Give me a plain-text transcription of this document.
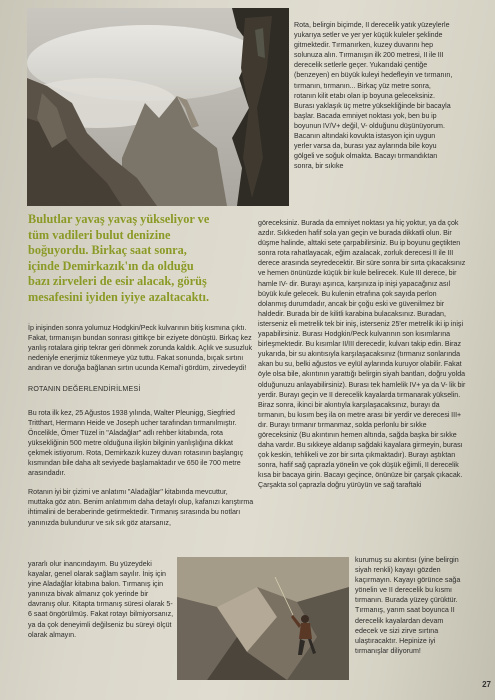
Bulutlar yavaş yavaş yükseliyor ve

tüm vadileri bulut denizine

boğuyordu. Birkaç saat sonra,

içinde Demirkazık'ın da olduğu

bazı zirveleri de esir alacak, görüş

mesafesini iyiden iyiye azaltacaktı.

İp inişinden sonra yolumuz Hodgkin/Peck kulvarının bitiş kısmına çıktı. Fakat, tırmanışın bundan sonrası gittikçe bir eziyete dönüştü. Birkaç kez yanlış rotalara girip tekrar geri dönmek zorunda kaldık. Açlık ve susuzluk nedeniyle enerjimiz tükenmeye yüz tuttu. Fakat sonunda, bıçak sırtını andıran ve doruğa bağlanan sırtın ucunda Kemal'i gördüm, zirvedeydi!

ROTANIN DEĞERLENDİRİLMESİ

Bu rota ilk kez, 25 Ağustos 1938 yılında, Walter Pleunigg, Siegfried Tritthart, Hermann Heide ve Joseph ucher tarafından tırmanılmıştır. Öncelikle, Ömer Tüzel in "Aladağlar" adlı rehber kitabında, rota yüksekliğinin 500 metre olduğuna ilişkin bilginin yanlışlığına dikkat çekmek istiyorum. Rota, Demirkazık kuzey duvarı rotasının başlangıç kısmından bile daha alt seviyede başlamaktadır ve 650 ile 700 metre arasındadır.

Rotanın iyi bir çizimi ve anlatımı "Aladağlar" kitabında mevcuttur, muttaka göz atın. Benim anlatımım daha detaylı olup, kafanızı karıştırma ihtimalini de beraberinde getirmektedir. Tırmanış sırasında bu notları yanınızda bulundurur ve sık sık göz atarsanız,

yararlı olur inancındayım. Bu yüzeydeki kayalar, genel olarak sağlam sayılır. İniş için yine Aladağlar kitabına bakın. Tırmanış için yanınıza bivak almanız çok yerinde bir davranış olur. Kitapta tırmanış süresi olarak 5-6 saat öngörülmüş. Fakat rotayı bilmiyorsanız, ya da çok deneyimli değilseniz bu süreyi ölçüt olarak almayın.

Rota, belirgin biçimde, II derecelik yatık yüzeylerle yukarıya setler ve yer yer küçük kuleler şeklinde gitmektedir. Tırmanırken, kuzey duvarını hep solunuza alın. Tırmanışın ilk 200 metresi, II ile III derecelik setlerle geçer. Yukarıdaki çentiğe (benzeyen) en büyük kuleyi hedefleyin ve tırmanın, tırmanın, tırmanın... Birkaç yüz metre sonra, rotanın kilit etabı olan ip boyuna geleceksiniz. Burası yaklaşık üç metre yüksekliğinde bir bacayla başlar. Bacada emniyet noktası yok, ben bu ip boyunun IV/V+ değil, V- olduğunu düşünüyorum. Bacanın altındaki kovukta istasyon için uygun yerler varsa da, burası yaz aylarında bile koyu gölgeli ve soğuk olmakta. Bacayı tırmandıktan sonra, bir sıkıke

göreceksiniz. Burada da emniyet noktası ya hiç yoktur, ya da çok azdır. Sıkkeden hafif sola yan geçin ve burada dikkatli olun. Bir düşme halinde, alttaki sete çarpabilirsiniz. Bu ip boyunu geçtikten sonra rota rahatlayacak, eğim azalacak, zorluk derecesi II ile III derece arasında seyredecektir. Bir süre sonra bir sırta çıkacaksınız ve hemen önünüzde küçük bir kule belirecek. Kule III derece, bir hamle IV- dir. Burayı aşırıca, karşınıza ip inişi yapacağınız asıl büyük kule gelecek. Bu kulenin etrafına çok sayıda perlon dolanmış durumdadır, ancak bir çoğu eski ve güvenilmez bir haldedir. Burada bir de kilitli karabina bulacaksınız. Buradan, isterseniz eli metrelik tek bir iniş, isterseniz 25'er metrelik iki ip inişi yapabilirsiniz. Burası Hodgkin/Peck kulvarının son kısımlarına birleşmektedir. Bu kısımlar II/III derecedir, kulvarı takip edin. Biraz yukarıda, bir su akıntısıyla karşılaşacaksınız (tırmanız sonlarında akan bu su, belki ağustos ve eylül aylarında kuruyor olabilir. Fakat öyle olsa bile, akıntının yarattığı belirgin siyah bantları, doğru yolda olduğunuzu anlayabilirsiniz). Burası tek hamlelik IV+ ya da V- lik bir yerdir. Burayı geçin ve II derecelik kayalarda tırmanarak yükselin. Biraz sonra, ikinci bir akıntıyla karşılaşacaksınız, burayı da tırmanın, bu kısım beş ila on metre arası bir yerdir ve derecesi III+ dır. Burayı tırmanır tırmanmaz, solda perlonlu bir sıkke göreceksiniz (Bu akıntının hemen altında, sağda başka bir sıkke daha vardır. Bu sıkkeye aldanıp sağdaki kayalara girmeyin, burası çok keskin, tehlikeli ve zor bir sırta çıkmaktadır). Burayı aştıktan sonra, hafif sağ çaprazla yönelin ve çok düşük eğimli, II derecelik kısa bir bacaya girin. Bacayı geçince, önünüze bir çarşak çıkacak. Çarşakta sol çaprazla doğru yürüyün ve sağ taraftaki

kurumuş su akıntısı (yine belirgin siyah renkli) kayayı gözden kaçırmayın. Kayayı görünce sağa yönelin ve II derecelik bu kısmı tırmanın. Burada yüzey çürüktür. Tırmanış, yarım saat boyunca II derecelik kayalardan devam edecek ve sizi zirve sırtına ulaştıracaktır. Hepinize iyi tırmanışlar diliyorum!

27
